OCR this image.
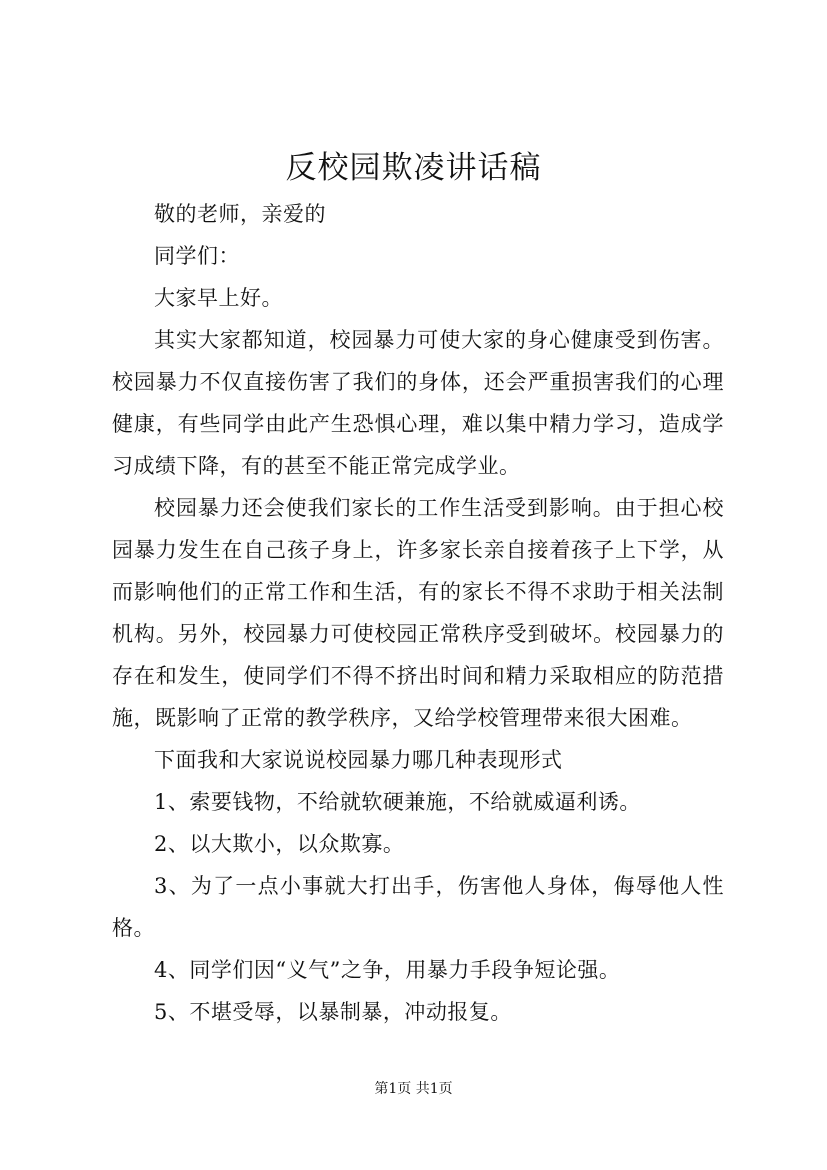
反校园欺凌讲话稿

敬的老师，亲爱的

同学们：

大家早上好。

其实大家都知道，校园暴力可使大家的身心健康受到伤害。校园暴力不仅直接伤害了我们的身体，还会严重损害我们的心理健康，有些同学由此产生恐惧心理，难以集中精力学习，造成学习成绩下降，有的甚至不能正常完成学业。

校园暴力还会使我们家长的工作生活受到影响。由于担心校园暴力发生在自己孩子身上，许多家长亲自接着孩子上下学，从而影响他们的正常工作和生活，有的家长不得不求助于相关法制机构。另外，校园暴力可使校园正常秩序受到破坏。校园暴力的存在和发生，使同学们不得不挤出时间和精力采取相应的防范措施，既影响了正常的教学秩序，又给学校管理带来很大困难。

下面我和大家说说校园暴力哪几种表现形式

1、索要钱物，不给就软硬兼施，不给就威逼利诱。

2、以大欺小，以众欺寡。

3、为了一点小事就大打出手，伤害他人身体，侮辱他人性格。

4、同学们因“义气”之争，用暴力手段争短论强。

5、不堪受辱，以暴制暴，冲动报复。

第1页 共1页
